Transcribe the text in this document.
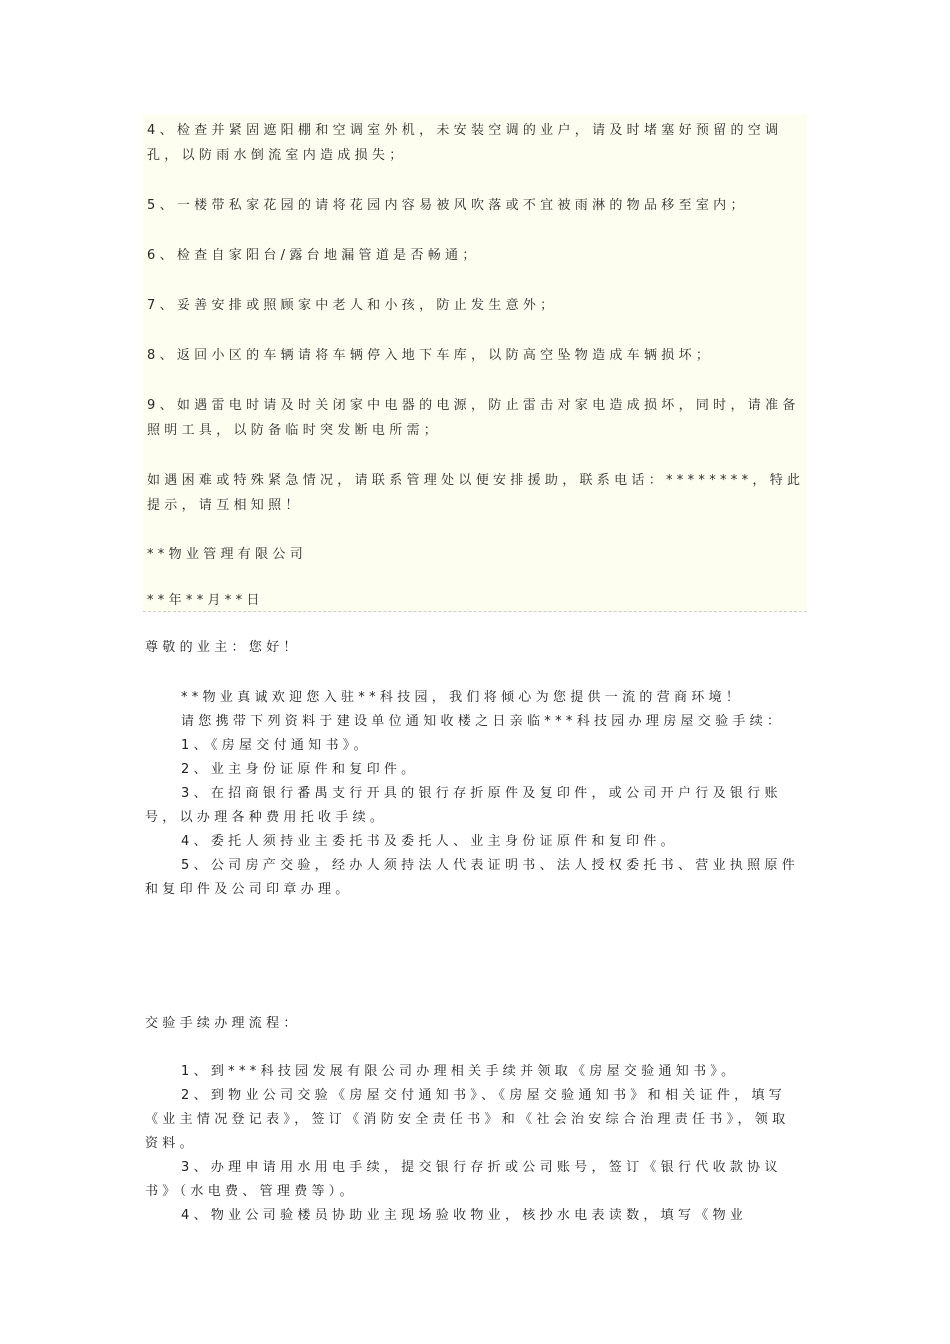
4、检查并紧固遮阳棚和空调室外机，未安装空调的业户，请及时堵塞好预留的空调孔，以防雨水倒流室内造成损失；

5、一楼带私家花园的请将花园内容易被风吹落或不宜被雨淋的物品移至室内；

6、检查自家阳台/露台地漏管道是否畅通；

7、妥善安排或照顾家中老人和小孩，防止发生意外；

8、返回小区的车辆请将车辆停入地下车库，以防高空坠物造成车辆损坏；

9、如遇雷电时请及时关闭家中电器的电源，防止雷击对家电造成损坏，同时，请准备照明工具，以防备临时突发断电所需；

如遇困难或特殊紧急情况，请联系管理处以便安排援助，联系电话：********，特此提示，请互相知照！

**物业管理有限公司

**年**月**日

尊敬的业主：您好！

**物业真诚欢迎您入驻**科技园，我们将倾心为您提供一流的营商环境！

请您携带下列资料于建设单位通知收楼之日亲临***科技园办理房屋交验手续：

1、《房屋交付通知书》。

2、业主身份证原件和复印件。

3、在招商银行番禺支行开具的银行存折原件及复印件，或公司开户行及银行账号，以办理各种费用托收手续。

4、委托人须持业主委托书及委托人、业主身份证原件和复印件。

5、公司房产交验，经办人须持法人代表证明书、法人授权委托书、营业执照原件和复印件及公司印章办理。

交验手续办理流程：

1、到***科技园发展有限公司办理相关手续并领取《房屋交验通知书》。

2、到物业公司交验《房屋交付通知书》、《房屋交验通知书》和相关证件，填写《业主情况登记表》，签订《消防安全责任书》和《社会治安综合治理责任书》，领取资料。

3、办理申请用水用电手续，提交银行存折或公司账号，签订《银行代收款协议书》（水电费、管理费等）。

4、物业公司验楼员协助业主现场验收物业，核抄水电表读数，填写《物业
